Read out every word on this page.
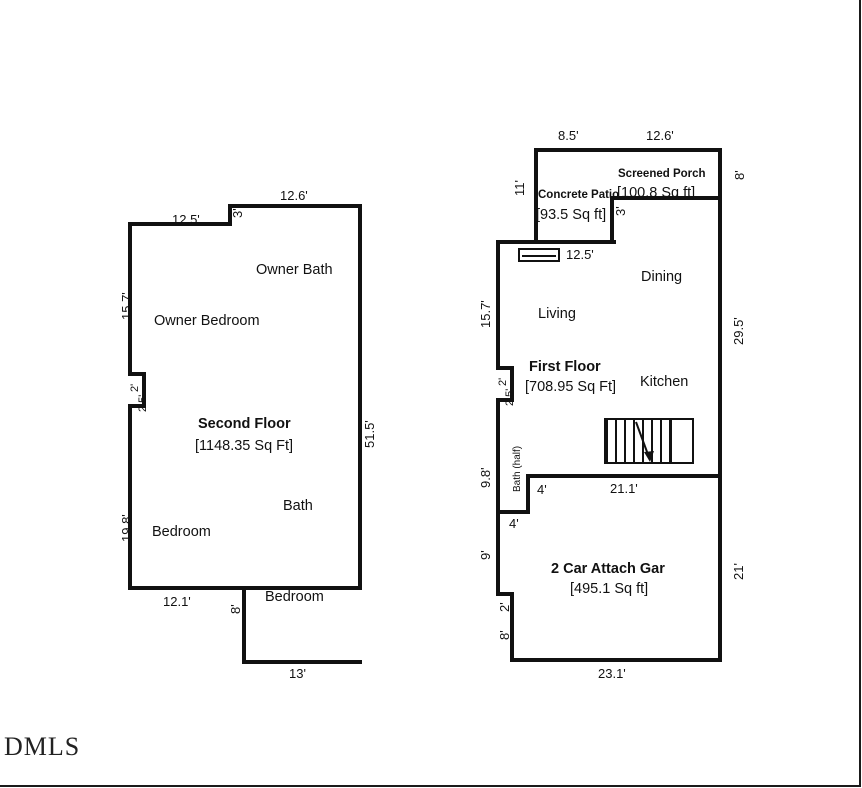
12.5' 3'
12.6'
15.7'
2'
2.5'
19.8'
51.5'
12.1'
8'
13'
Owner Bath
Owner Bedroom
Second Floor
[1148.35 Sq Ft]
Bath
Bedroom
Bedroom
8.5'	12.6'
11'
8'
3'
Screened Porch
[100.8 Sq ft]
Concrete Patio
[93.5 Sq ft]
12.5'
Dining
Living
First Floor
[708.95 Sq Ft] Kitchen
Bath (half)
2 Car Attach Gar
[495.1 Sq ft]
15.7'
2'
2.5'
9.8'
4'
4'
9'
2'
8'
29.5'
21'
21.1'
23.1'
DMLS
